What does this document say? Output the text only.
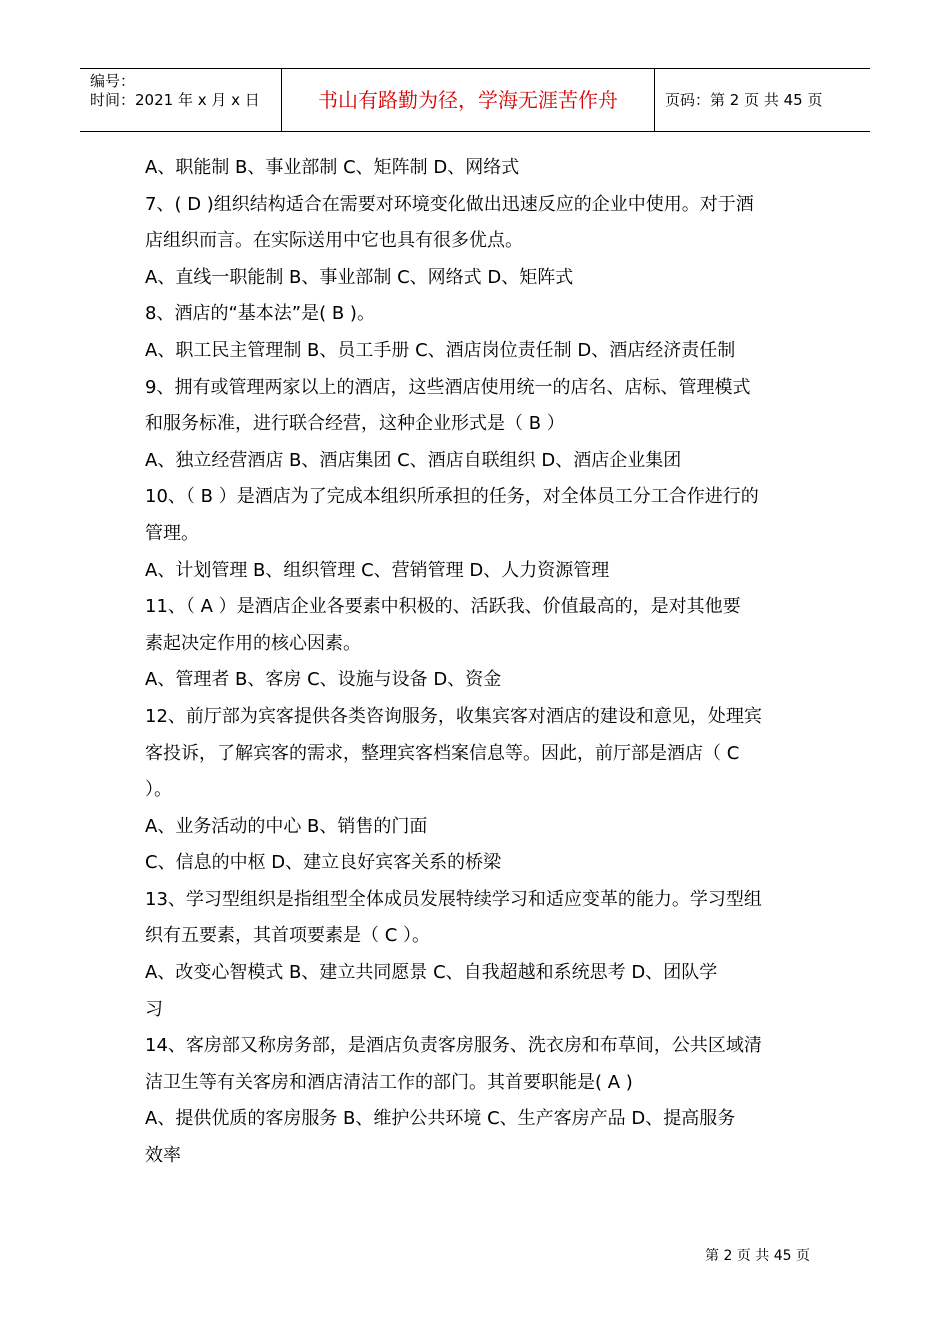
编号：
时间：2021 年 x 月 x 日	书山有路勤为径，学海无涯苦作舟	页码：第 2 页 共 45 页
A、职能制 B、事业部制 C、矩阵制 D、网络式
7、( D )组织结构适合在需要对环境变化做出迅速反应的企业中使用。对于酒
店组织而言。在实际送用中它也具有很多优点。
A、直线一职能制 B、事业部制 C、网络式 D、矩阵式
8、酒店的“基本法”是( B )。
A、职工民主管理制 B、员工手册 C、酒店岗位责任制 D、酒店经济责任制
9、拥有或管理两家以上的酒店，这些酒店使用统一的店名、店标、管理模式
和服务标准，进行联合经营，这种企业形式是（ B ）
A、独立经营酒店 B、酒店集团 C、酒店自联组织 D、酒店企业集团
10、（ B ）是酒店为了完成本组织所承担的任务，对全体员工分工合作进行的
管理。
A、计划管理 B、组织管理 C、营销管理 D、人力资源管理
11、（ A ）是酒店企业各要素中积极的、活跃我、价值最高的，是对其他要
素起决定作用的核心因素。
A、管理者 B、客房 C、设施与设备 D、资金
12、前厅部为宾客提供各类咨询服务，收集宾客对酒店的建设和意见，处理宾
客投诉，了解宾客的需求，整理宾客档案信息等。因此，前厅部是酒店（ C
）。
A、业务活动的中心 B、销售的门面
C、信息的中枢 D、建立良好宾客关系的桥梁
13、学习型组织是指组型全体成员发展特续学习和适应变革的能力。学习型组
织有五要素，其首项要素是（ C ）。
A、改变心智模式 B、建立共同愿景 C、自我超越和系统思考 D、团队学
习
14、客房部又称房务部，是酒店负责客房服务、洗衣房和布草间，公共区域清
洁卫生等有关客房和酒店清洁工作的部门。其首要职能是( A )
A、提供优质的客房服务 B、维护公共环境 C、生产客房产品 D、提高服务
效率
第 2 页 共 45 页
